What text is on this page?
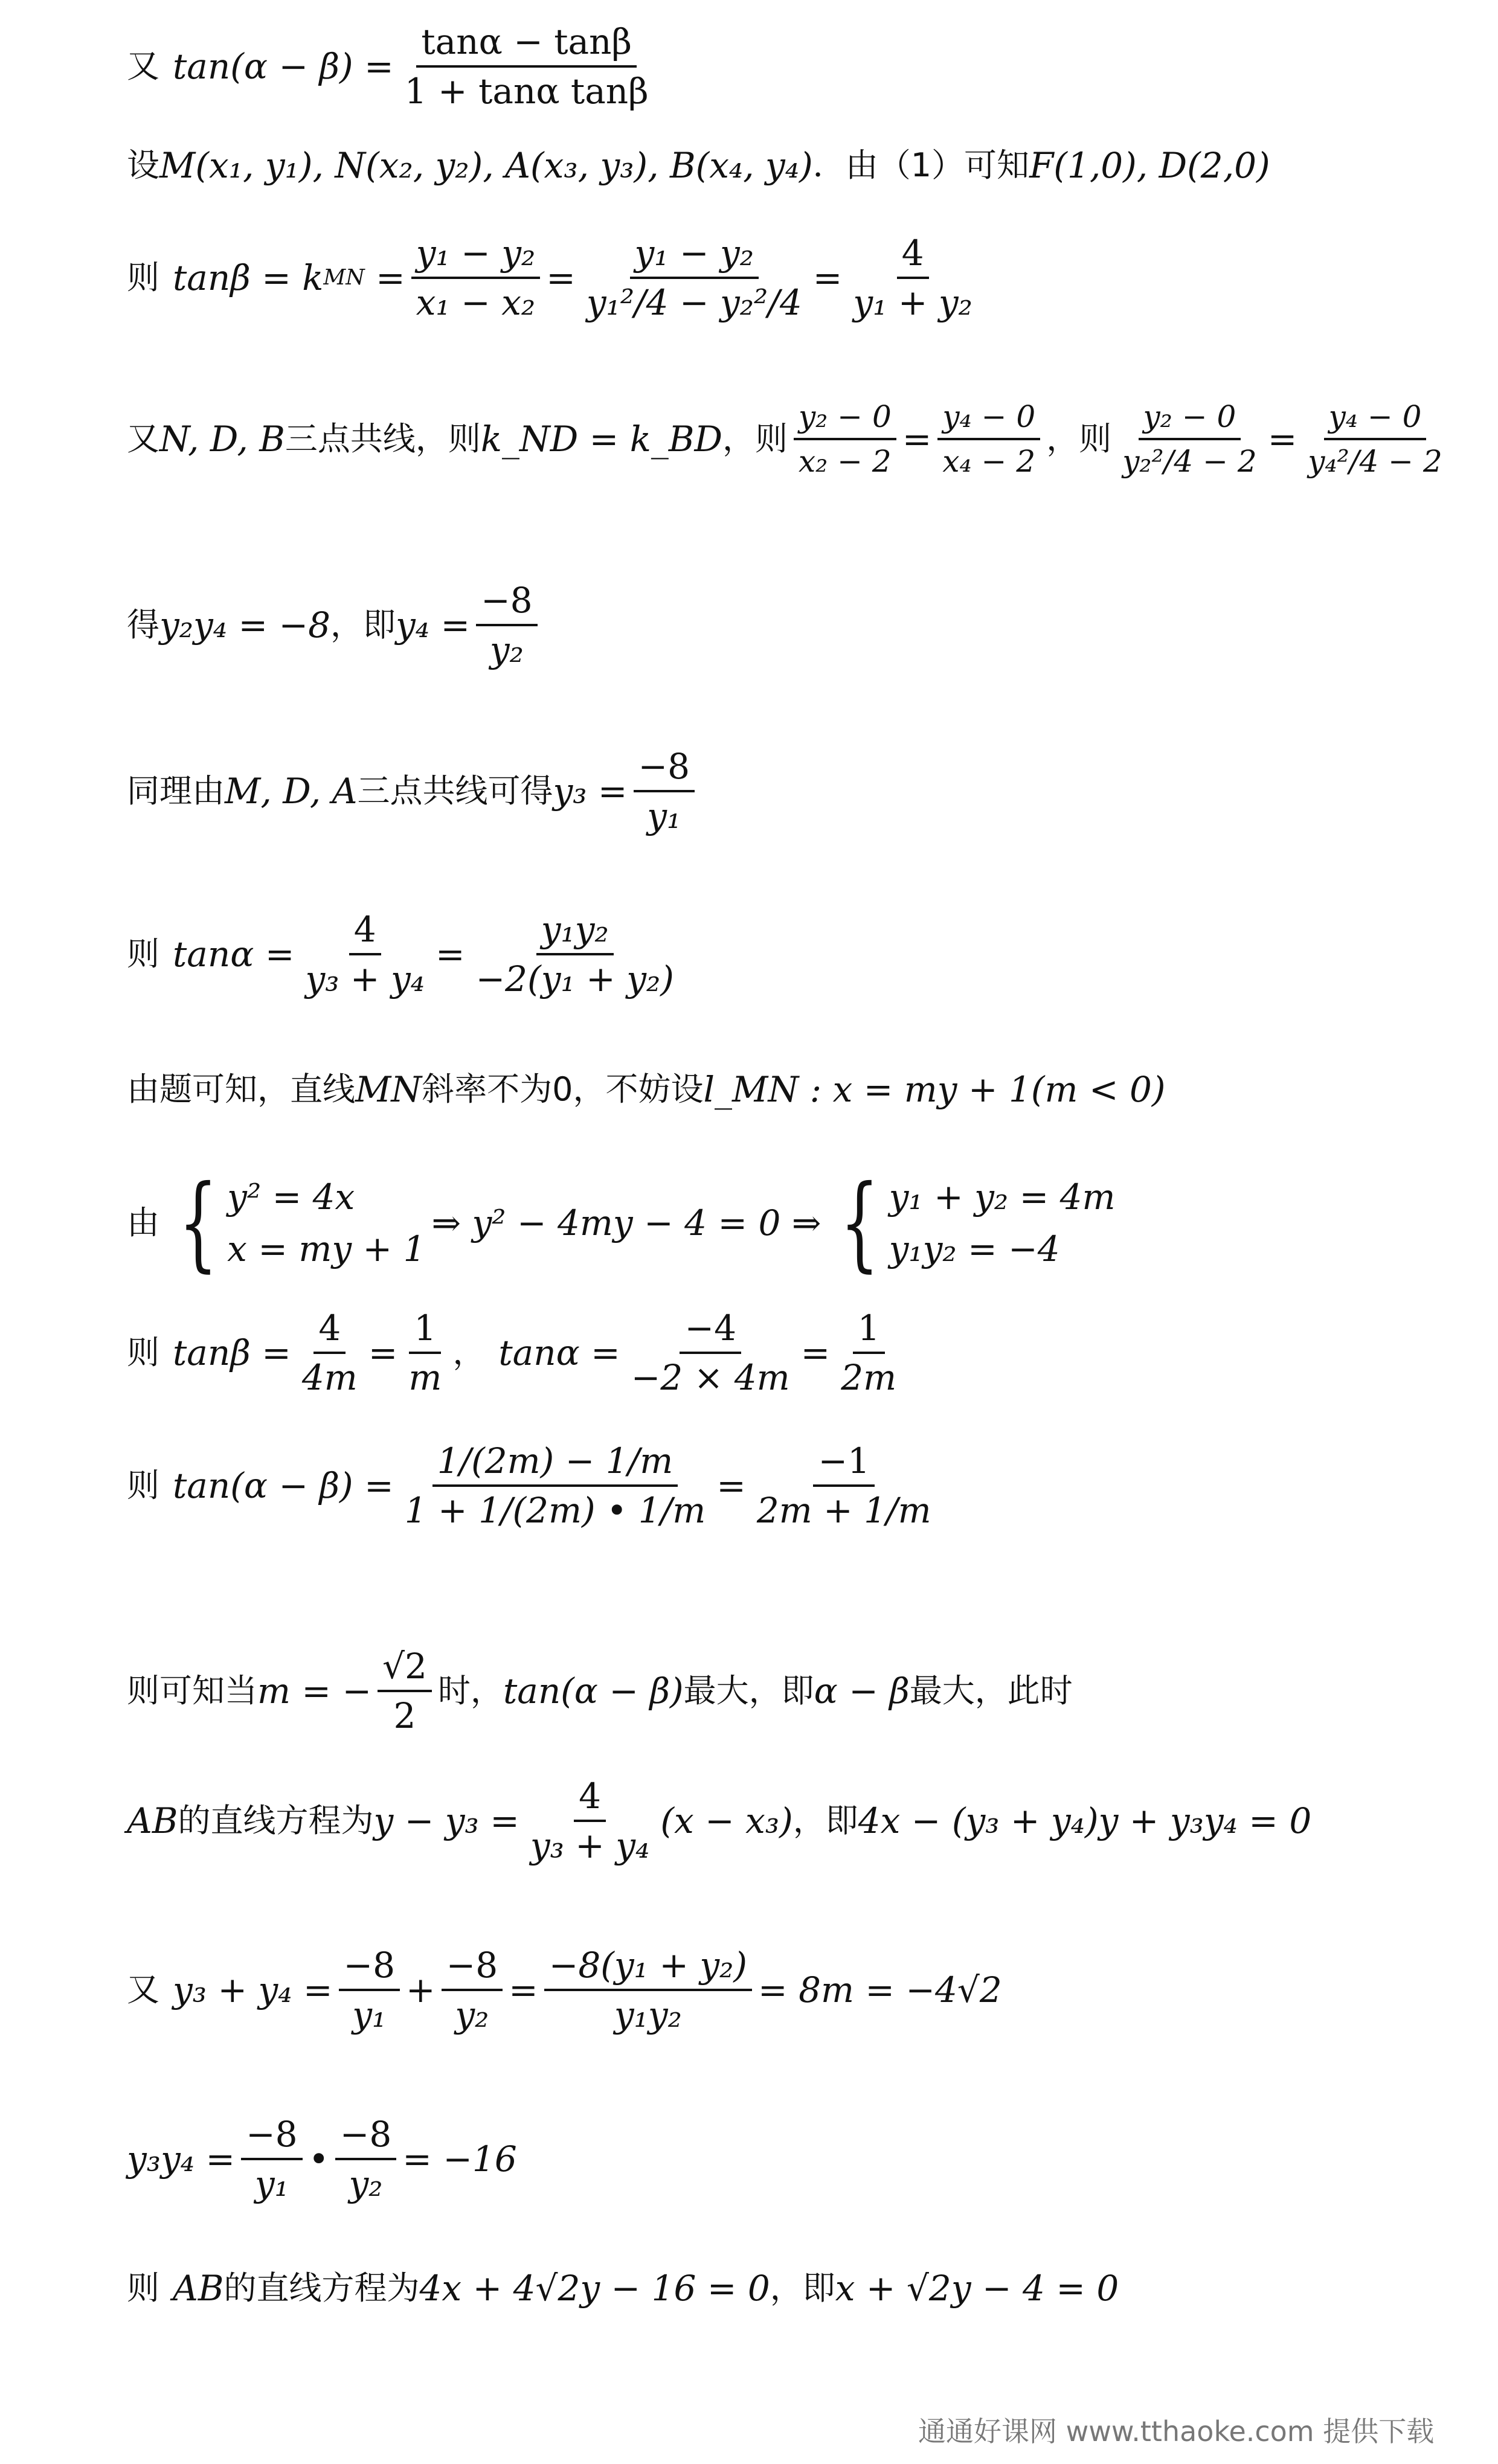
又 $\tan(\alpha - \beta) = \frac{\tan\alpha - \tan\beta}{\text{1 + tanα tanβ}}$
设 M(x₁, y₁), N(x₂, y₂), A(x₃, y₃), B(x₄, y₄) ．由（1）可知 F(1,0), D(2,0)
则 tanβ = k MN = $\frac{\text{y₁ − y₂}}{\text{x₁ − x₂}} = \frac{\text{y₁ − y₂}}{\text{y₁²/4 − y₂²/4}} = \frac{4}{\text{y₁ + y₂}}$
又 N, D, B 三点共线，则 k_ND = k_BD ，则 $\frac{\text{y₂ − 0}}{\text{x₂ − 2}} = \frac{\text{y₄ − 0}}{\text{x₄ − 2}}$ ，则 $\frac{\text{y₂ − 0}}{\text{y₂²/4 − 2}} = \frac{\text{y₄ − 0}}{\text{y₄²/4 − 2}}$
得 y₂y₄ = −8 ，即 $y_4 = \frac{-8}{\text{y₂}}$
同理由 M, D, A 三点共线可得 $y_3 = \frac{-8}{\text{y₁}}$
则 $\tan\alpha = \frac{4}{\text{y₃ + y₄}} = \frac{\text{y₁y₂}}{\text{−2(y₁ + y₂)}}$
由题可知，直线 MN 斜率不为0，不妨设 l_MN : x = my + 1(m < 0)
由 { y² = 4x
x = my + 1
⇒ y² − 4my − 4 = 0 ⇒ { y₁ + y₂ = 4m
y₁y₂ = −4
则 $\tan\beta = \frac{4}{4m} = \frac{1}{m}$ ， $\tan\alpha = \frac{-4}{-2 \times 4m} = \frac{1}{2m}$
则 $\tan(\alpha - \beta) = \frac{1/(2m) - 1/m}{1 + 1/(2m) • 1/m} = \frac{-1}{2m + 1/m}$
则可知当 m = − $\frac{√2}{2}$ 时， tan(α − β) 最大，即 α − β 最大，此时
AB 的直线方程为 $y - y_3 = \frac{4}{\text{y₃ + y₄}} (x - x_3)$ ，即 4x − (y₃ + y₄)y + y₃y₄ = 0
又 $y_3 + y_4 = \frac{-8}{\text{y₁}} + \frac{-8}{\text{y₂}} = \frac{\text{−8(y₁ + y₂)}}{\text{y₁y₂}} = 8m = -4√2$
$y_3y_4 = \frac{-8}{\text{y₁}}$ • $\frac{-8}{\text{y₂}} = -16$
则 AB 的直线方程为 4x + 4√2y − 16 = 0 ，即 x + √2y − 4 = 0
通通好课网 www.tthaoke.com 提供下载
